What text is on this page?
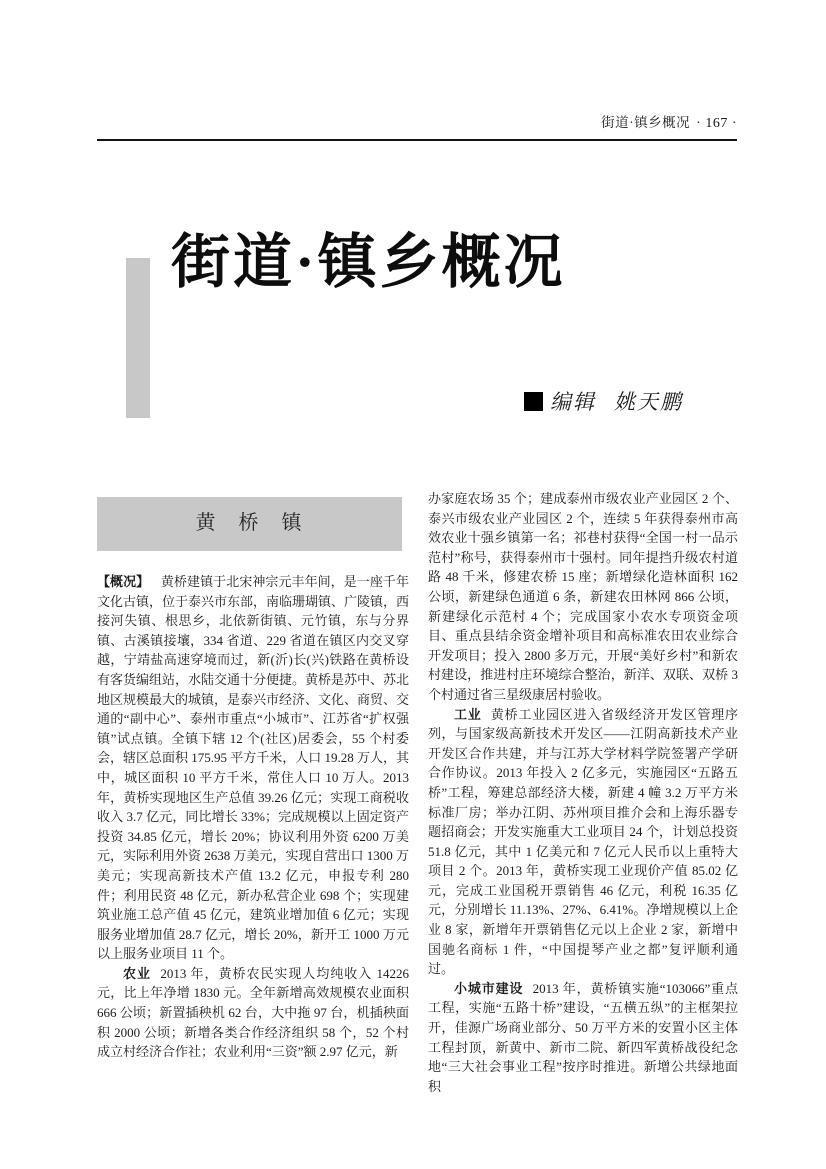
街道·镇乡概况 · 167 ·
街道·镇乡概况
编辑 姚天鹏
黄   桥   镇

【概况】 黄桥建镇于北宋神宗元丰年间，是一座千年文化古镇，位于泰兴市东部，南临珊瑚镇、广陵镇，西接河失镇、根思乡，北依新街镇、元竹镇，东与分界镇、古溪镇接壤，334 省道、229 省道在镇区内交叉穿越，宁靖盐高速穿境而过，新(沂)长(兴)铁路在黄桥设有客货编组站，水陆交通十分便捷。黄桥是苏中、苏北地区规模最大的城镇，是泰兴市经济、文化、商贸、交通的“副中心”、泰州市重点“小城市”、江苏省“扩权强镇”试点镇。全镇下辖 12 个(社区)居委会，55 个村委会，辖区总面积 175.95 平方千米，人口 19.28 万人，其中，城区面积 10 平方千米，常住人口 10 万人。2013 年，黄桥实现地区生产总值 39.26 亿元；实现工商税收收入 3.7 亿元，同比增长 33%；完成规模以上固定资产投资 34.85 亿元，增长 20%；协议利用外资 6200 万美元，实际利用外资 2638 万美元，实现自营出口 1300 万美元；实现高新技术产值 13.2 亿元，申报专利 280 件；利用民资 48 亿元，新办私营企业 698 个；实现建筑业施工总产值 45 亿元，建筑业增加值 6 亿元；实现服务业增加值 28.7 亿元，增长 20%，新开工 1000 万元以上服务业项目 11 个。

农业 2013 年，黄桥农民实现人均纯收入 14226 元，比上年净增 1830 元。全年新增高效规模农业面积 666 公顷；新置插秧机 62 台，大中拖 97 台，机插秧面积 2000 公顷；新增各类合作经济组织 58 个，52 个村成立村经济合作社；农业利用“三资”额 2.97 亿元，新

办家庭农场 35 个；建成泰州市级农业产业园区 2 个、泰兴市级农业产业园区 2 个，连续 5 年获得泰州市高效农业十强乡镇第一名；祁巷村获得“全国一村一品示范村”称号，获得泰州市十强村。同年提挡升级农村道路 48 千米，修建农桥 15 座；新增绿化造林面积 162 公顷，新建绿色通道 6 条，新建农田林网 866 公顷，新建绿化示范村 4 个；完成国家小农水专项资金项目、重点县结余资金增补项目和高标准农田农业综合开发项目；投入 2800 多万元，开展“美好乡村”和新农村建设，推进村庄环境综合整治，新洋、双联、双桥 3 个村通过省三星级康居村验收。

工业 黄桥工业园区进入省级经济开发区管理序列，与国家级高新技术开发区——江阴高新技术产业开发区合作共建，并与江苏大学材料学院签署产学研合作协议。2013 年投入 2 亿多元，实施园区“五路五桥”工程，筹建总部经济大楼，新建 4 幢 3.2 万平方米标准厂房；举办江阴、苏州项目推介会和上海乐器专题招商会；开发实施重大工业项目 24 个，计划总投资 51.8 亿元，其中 1 亿美元和 7 亿元人民币以上重特大项目 2 个。2013 年，黄桥实现工业现价产值 85.02 亿元，完成工业国税开票销售 46 亿元，利税 16.35 亿元，分别增长 11.13%、27%、6.41%。净增规模以上企业 8 家，新增年开票销售亿元以上企业 2 家，新增中国驰名商标 1 件，“中国提琴产业之都”复评顺利通过。

小城市建设 2013 年，黄桥镇实施“103066”重点工程，实施“五路十桥”建设，“五横五纵”的主框架拉开，佳源广场商业部分、50 万平方米的安置小区主体工程封顶，新黄中、新市二院、新四军黄桥战役纪念地“三大社会事业工程”按序时推进。新增公共绿地面积
